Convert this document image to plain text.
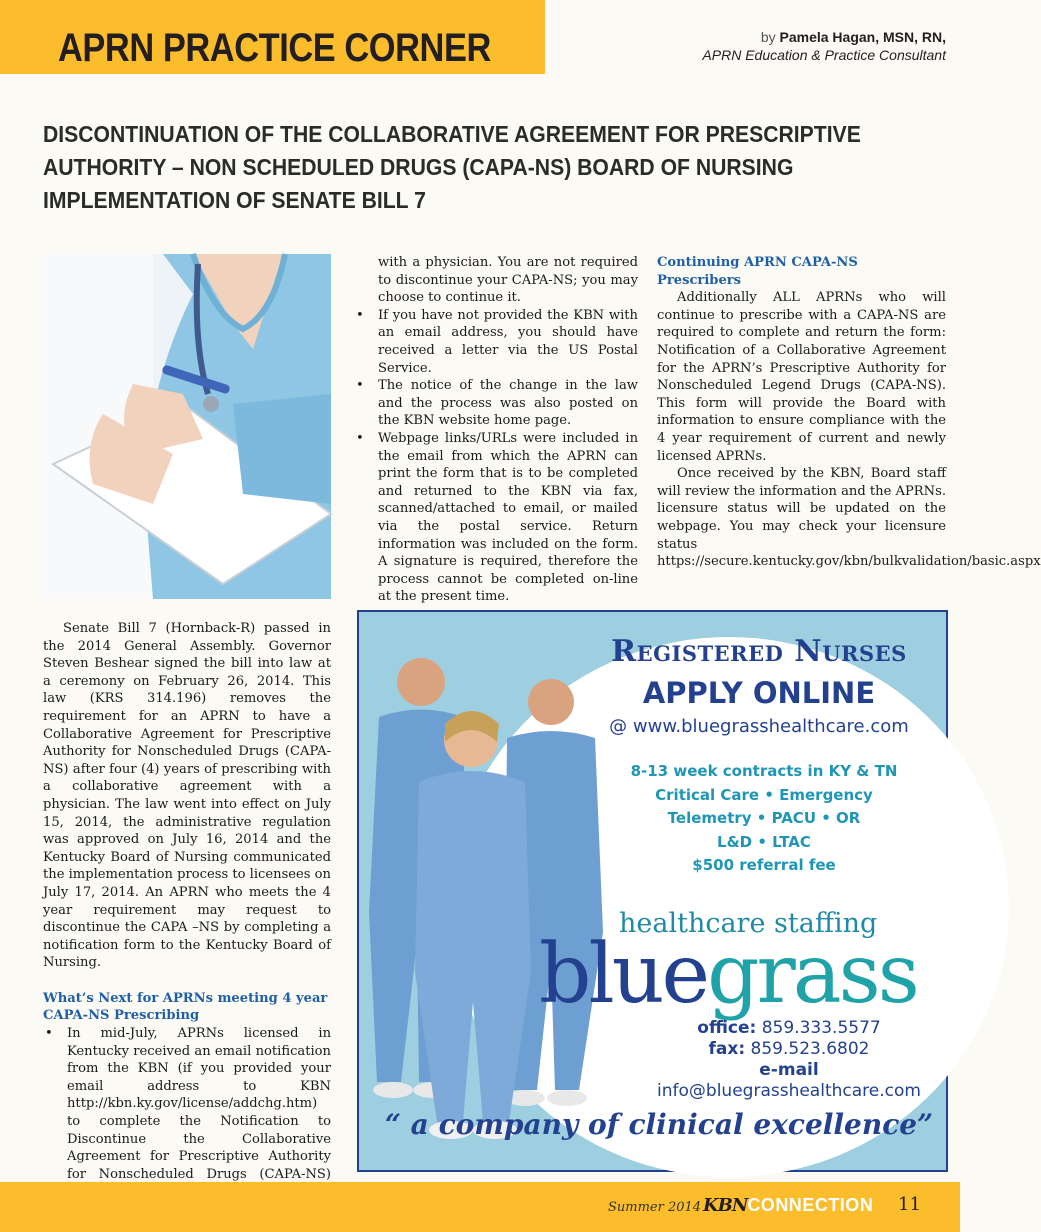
APRN PRACTICE CORNER	by Pamela Hagan, MSN, RN,
APRN Education & Practice Consultant
DISCONTINUATION OF THE COLLABORATIVE AGREEMENT FOR PRESCRIPTIVE AUTHORITY – NON SCHEDULED DRUGS (CAPA-NS) BOARD OF NURSING IMPLEMENTATION OF SENATE BILL 7

Senate Bill 7 (Hornback-R) passed in the 2014 General Assembly. Governor Steven Beshear signed the bill into law at a ceremony on February 26, 2014. This law (KRS 314.196) removes the requirement for an APRN to have a Collaborative Agreement for Prescriptive Authority for Nonscheduled Drugs (CAPA-NS) after four (4) years of prescribing with a collaborative agreement with a physician. The law went into effect on July 15, 2014, the administrative regulation was approved on July 16, 2014 and the Kentucky Board of Nursing communicated the implementation process to licensees on July 17, 2014. An APRN who meets the 4 year requirement may request to discontinue the CAPA –NS by completing a notification form to the Kentucky Board of Nursing.

What’s Next for APRNs meeting 4 year CAPA-NS Prescribing
• In mid-July, APRNs licensed in Kentucky received an email notification from the KBN (if you provided your email address to KBN http://kbn.ky.gov/license/addchg.htm) to complete the Notification to Discontinue the Collaborative Agreement for Prescriptive Authority for Nonscheduled Drugs (CAPA-NS)

with a physician. You are not required to discontinue your CAPA-NS; you may choose to continue it.

• If you have not provided the KBN with an email address, you should have received a letter via the US Postal Service.
• The notice of the change in the law and the process was also posted on the KBN website home page.
• Webpage links/URLs were included in the email from which the APRN can print the form that is to be completed and returned to the KBN via fax, scanned/attached to email, or mailed via the postal service. Return information was included on the form. A signature is required, therefore the process cannot be completed on-line at the present time.
Continuing APRN CAPA-NS Prescribers

Additionally ALL APRNs who will continue to prescribe with a CAPA-NS are required to complete and return the form: Notification of a Collaborative Agreement for the APRN’s Prescriptive Authority for Nonscheduled Legend Drugs (CAPA-NS). This form will provide the Board with information to ensure compliance with the 4 year requirement of current and newly licensed APRNs.

Once received by the KBN, Board staff will review the information and the APRNs. licensure status will be updated on the webpage. You may check your licensure status https://secure.kentucky.gov/kbn/bulkvalidation/basic.aspx

Registered Nurses
APPLY ONLINE
@ www.bluegrasshealthcare.com
8-13 week contracts in KY & TN
Critical Care • Emergency
Telemetry • PACU • OR
L&D • LTAC
$500 referral fee
healthcare staffing
bluegrass
office: 859.333.5577
fax: 859.523.6802
e-mail
info@bluegrasshealthcare.com
“ a company of clinical excellence”
Summer 2014 KBNCONNECTION 11
